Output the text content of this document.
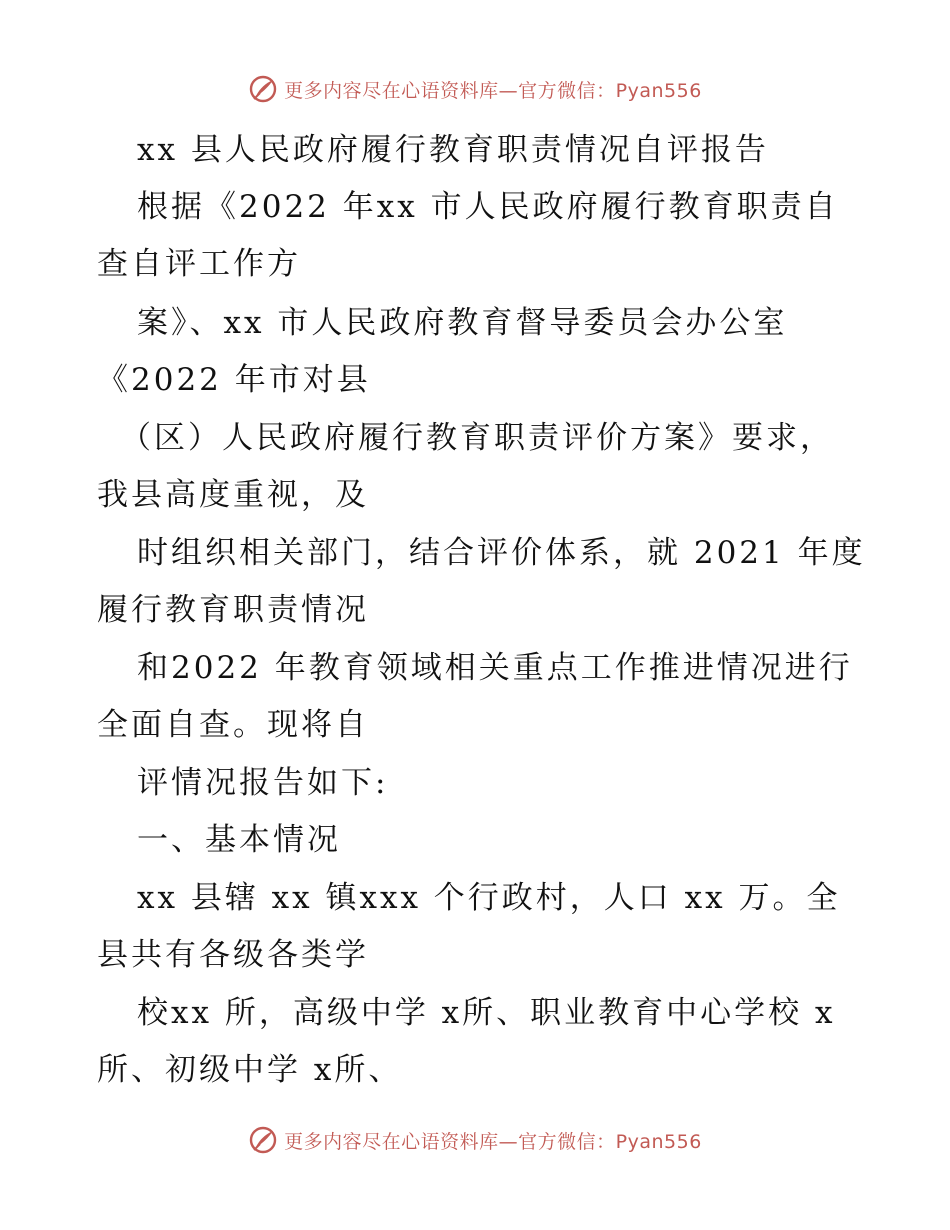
更多内容尽在心语资料库—官方微信：Pyan556
xx 县人民政府履行教育职责情况自评报告
根据《2022 年xx 市人民政府履行教育职责自
查自评工作方
案》、xx 市人民政府教育督导委员会办公室
《2022 年市对县
（区）人民政府履行教育职责评价方案》要求，
我县高度重视，及
时组织相关部门，结合评价体系，就 2021 年度
履行教育职责情况
和2022 年教育领域相关重点工作推进情况进行
全面自查。现将自
评情况报告如下:
一、基本情况
xx 县辖 xx 镇xxx 个行政村，人口 xx 万。全
县共有各级各类学
校xx 所，高级中学 x所、职业教育中心学校 x
所、初级中学 x所、
更多内容尽在心语资料库—官方微信：Pyan556
